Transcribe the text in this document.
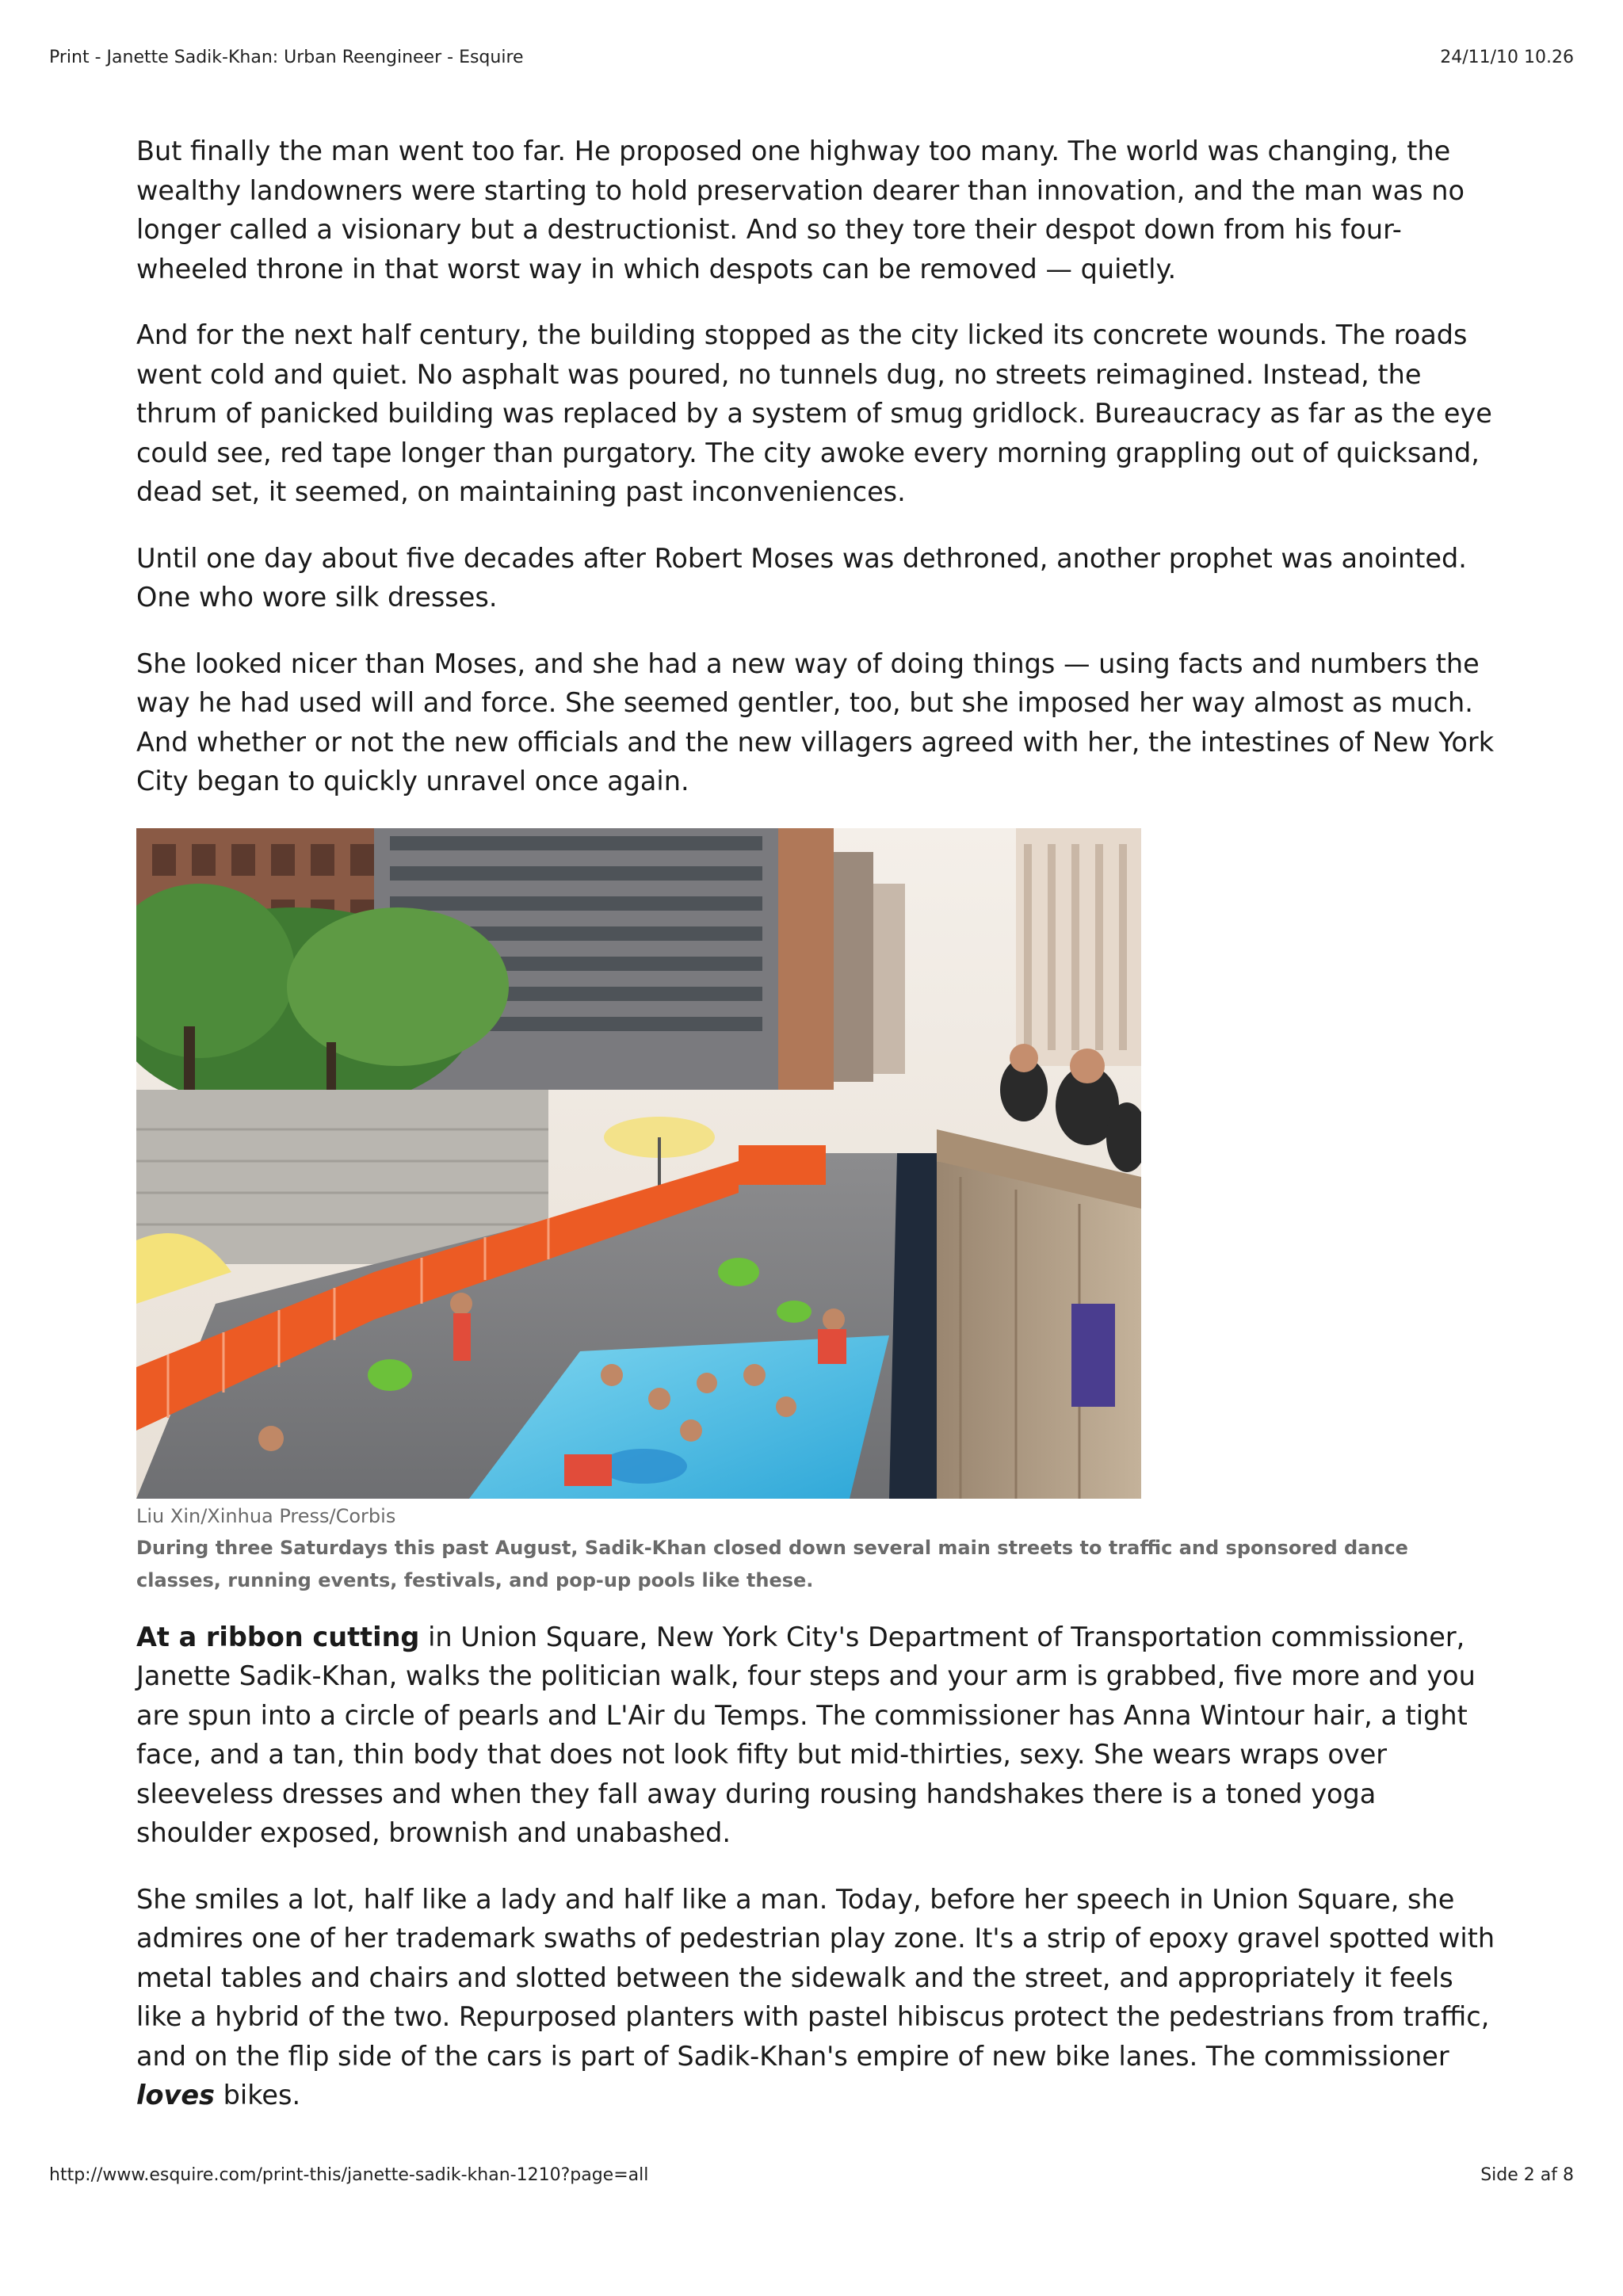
Print - Janette Sadik-Khan: Urban Reengineer - Esquire	24/11/10 10.26

But finally the man went too far. He proposed one highway too many. The world was changing, the wealthy landowners were starting to hold preservation dearer than innovation, and the man was no longer called a visionary but a destructionist. And so they tore their despot down from his four-wheeled throne in that worst way in which despots can be removed — quietly.

And for the next half century, the building stopped as the city licked its concrete wounds. The roads went cold and quiet. No asphalt was poured, no tunnels dug, no streets reimagined. Instead, the thrum of panicked building was replaced by a system of smug gridlock. Bureaucracy as far as the eye could see, red tape longer than purgatory. The city awoke every morning grappling out of quicksand, dead set, it seemed, on maintaining past inconveniences.

Until one day about five decades after Robert Moses was dethroned, another prophet was anointed. One who wore silk dresses.

She looked nicer than Moses, and she had a new way of doing things — using facts and numbers the way he had used will and force. She seemed gentler, too, but she imposed her way almost as much. And whether or not the new officials and the new villagers agreed with her, the intestines of New York City began to quickly unravel once again.

Liu Xin/Xinhua Press/Corbis
During three Saturdays this past August, Sadik-Khan closed down several main streets to traffic and sponsored dance classes, running events, festivals, and pop-up pools like these.

At a ribbon cutting in Union Square, New York City's Department of Transportation commissioner, Janette Sadik-Khan, walks the politician walk, four steps and your arm is grabbed, five more and you are spun into a circle of pearls and L'Air du Temps. The commissioner has Anna Wintour hair, a tight face, and a tan, thin body that does not look fifty but mid-thirties, sexy. She wears wraps over sleeveless dresses and when they fall away during rousing handshakes there is a toned yoga shoulder exposed, brownish and unabashed.

She smiles a lot, half like a lady and half like a man. Today, before her speech in Union Square, she admires one of her trademark swaths of pedestrian play zone. It's a strip of epoxy gravel spotted with metal tables and chairs and slotted between the sidewalk and the street, and appropriately it feels like a hybrid of the two. Repurposed planters with pastel hibiscus protect the pedestrians from traffic, and on the flip side of the cars is part of Sadik-Khan's empire of new bike lanes. The commissioner loves bikes.

http://www.esquire.com/print-this/janette-sadik-khan-1210?page=all	Side 2 af 8
